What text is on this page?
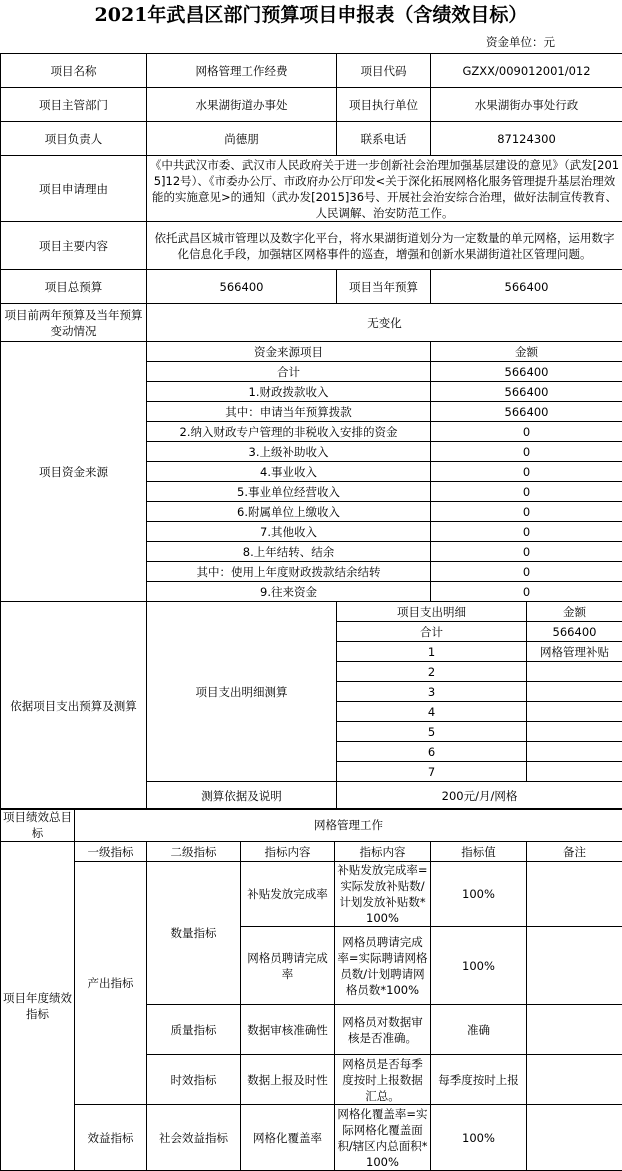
2021年武昌区部门预算项目申报表（含绩效目标）
资金单位：元
项目名称	网格管理工作经费	项目代码	GZXX/009012001/012	
项目主管部门	水果湖街道办事处	项目执行单位	水果湖街办事处行政	
项目负责人	尚德朋	联系电话	87124300	
项目申请理由	《中共武汉市委、武汉市人民政府关于进一步创新社会治理加强基层建设的意见》（武发[2015]12号）、《市委办公厅、市政府办公厅印发<关于深化拓展网格化服务管理提升基层治理效能的实施意见>的通知（武办发[2015]36号、开展社会治安综合治理，做好法制宣传教育、人民调解、治安防范工作。			
项目主要内容	依托武昌区城市管理以及数字化平台，将水果湖街道划分为一定数量的单元网格，运用数字化信息化手段，加强辖区网格事件的巡查，增强和创新水果湖街道社区管理问题。			
项目总预算	566400	项目当年预算	566400	
项目前两年预算及当年预算变动情况	无变化			
项目资金来源	资金来源项目		金额	
	合计		566400	
	1.财政拨款收入		566400	
	其中：申请当年预算拨款		566400	
	2.纳入财政专户管理的非税收入安排的资金		0	
	3.上级补助收入		0	
	4.事业收入		0	
	5.事业单位经营收入		0	
	6.附属单位上缴收入		0	
	7.其他收入		0	
	8.上年结转、结余		0	
	其中：使用上年度财政拨款结余结转		0	
	9.往来资金		0	
依据项目支出预算及测算	项目支出明细测算	项目支出明细		金额
		合计		566400
		1		网格管理补贴
		2		
		3		
		4		
		5		
		6		
		7		
	测算依据及说明	200元/月/网格		
项目绩效总目标	网格管理工作					
项目年度绩效指标	一级指标	二级指标	指标内容	指标内容	指标值	备注
	产出指标	数量指标	补贴发放完成率	补贴发放完成率=实际发放补贴数/计划发放补贴数*100%	100%	
			网格员聘请完成率	网格员聘请完成率=实际聘请网格员数/计划聘请网格员数*100%	100%	
		质量指标	数据审核准确性	网格员对数据审核是否准确。	准确	
		时效指标	数据上报及时性	网格员是否每季度按时上报数据汇总。	每季度按时上报	
	效益指标	社会效益指标	网格化覆盖率	网格化覆盖率=实际网格化覆盖面积/辖区内总面积*100%	100%	
